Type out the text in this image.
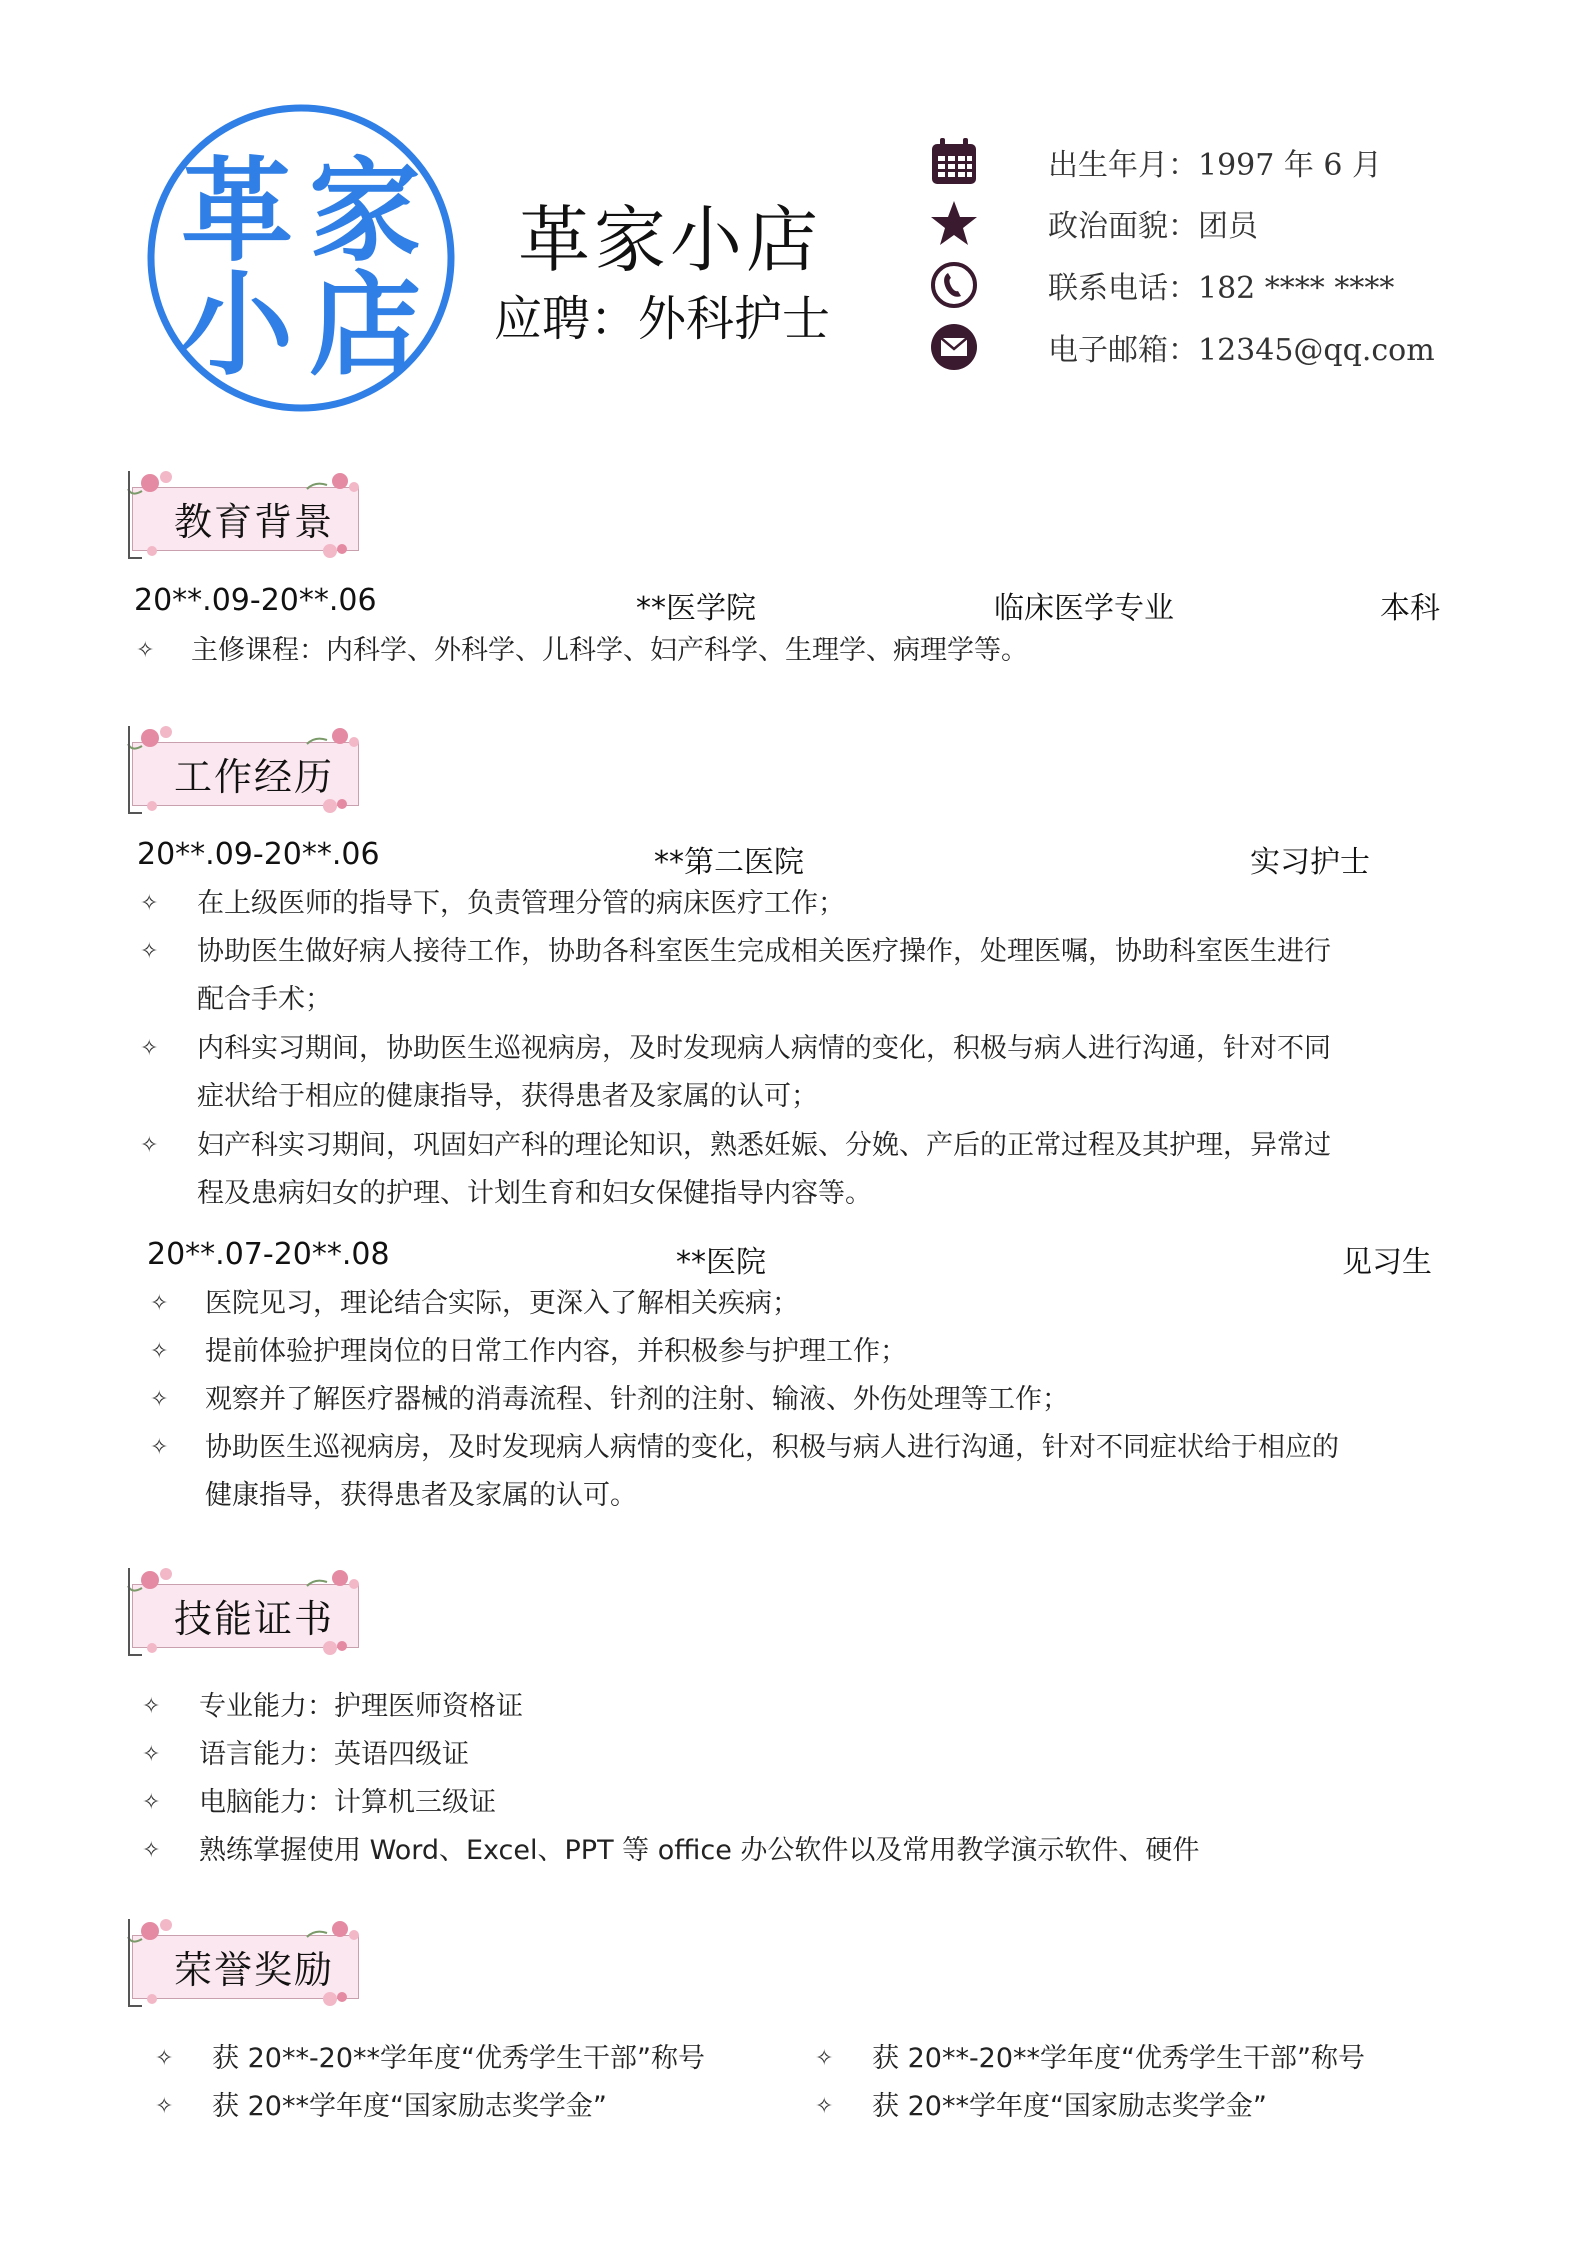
革 家
小 店
革家小店
应聘：外科护士
出生年月：1997 年 6 月
政治面貌：团员
联系电话：182 **** ****
电子邮箱：12345@qq.com
教育背景
20**.09-20**.06	**医学院	临床医学专业	本科
✧	主修课程：内科学、外科学、儿科学、妇产科学、生理学、病理学等。
工作经历
20**.09-20**.06	**第二医院	实习护士
✧	在上级医师的指导下，负责管理分管的病床医疗工作；
✧	协助医生做好病人接待工作，协助各科室医生完成相关医疗操作，处理医嘱，协助科室医生进行
配合手术；
✧	内科实习期间，协助医生巡视病房，及时发现病人病情的变化，积极与病人进行沟通，针对不同
症状给于相应的健康指导，获得患者及家属的认可；
✧	妇产科实习期间，巩固妇产科的理论知识，熟悉妊娠、分娩、产后的正常过程及其护理，异常过
程及患病妇女的护理、计划生育和妇女保健指导内容等。
20**.07-20**.08	**医院	见习生
✧	医院见习，理论结合实际，更深入了解相关疾病；
✧	提前体验护理岗位的日常工作内容，并积极参与护理工作；
✧	观察并了解医疗器械的消毒流程、针剂的注射、输液、外伤处理等工作；
✧	协助医生巡视病房，及时发现病人病情的变化，积极与病人进行沟通，针对不同症状给于相应的
健康指导，获得患者及家属的认可。
技能证书
✧	专业能力：护理医师资格证
✧	语言能力：英语四级证
✧	电脑能力：计算机三级证
✧	熟练掌握使用 Word、Excel、PPT 等 office 办公软件以及常用教学演示软件、硬件
荣誉奖励
✧	获 20**-20**学年度“优秀学生干部”称号	✧	获 20**-20**学年度“优秀学生干部”称号
✧	获 20**学年度“国家励志奖学金”	✧	获 20**学年度“国家励志奖学金”
